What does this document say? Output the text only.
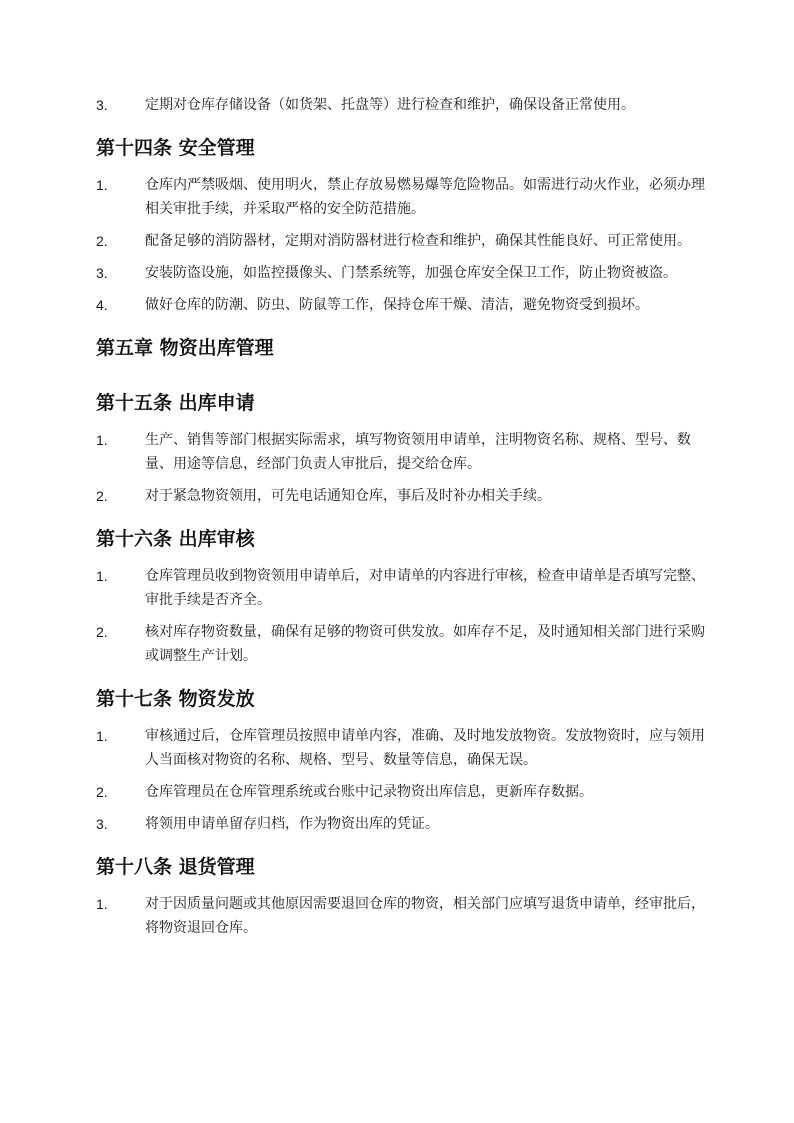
3.	定期对仓库存储设备（如货架、托盘等）进行检查和维护，确保设备正常使用。
第十四条 安全管理
1.	仓库内严禁吸烟、使用明火，禁止存放易燃易爆等危险物品。如需进行动火作业，必须办理相关审批手续，并采取严格的安全防范措施。
2.	配备足够的消防器材，定期对消防器材进行检查和维护，确保其性能良好、可正常使用。
3.	安装防盗设施，如监控摄像头、门禁系统等，加强仓库安全保卫工作，防止物资被盗。
4.	做好仓库的防潮、防虫、防鼠等工作，保持仓库干燥、清洁，避免物资受到损坏。
第五章 物资出库管理
第十五条 出库申请
1.	生产、销售等部门根据实际需求，填写物资领用申请单，注明物资名称、规格、型号、数量、用途等信息，经部门负责人审批后，提交给仓库。
2.	对于紧急物资领用，可先电话通知仓库，事后及时补办相关手续。
第十六条 出库审核
1.	仓库管理员收到物资领用申请单后，对申请单的内容进行审核，检查申请单是否填写完整、审批手续是否齐全。
2.	核对库存物资数量，确保有足够的物资可供发放。如库存不足，及时通知相关部门进行采购或调整生产计划。
第十七条 物资发放
1.	审核通过后，仓库管理员按照申请单内容，准确、及时地发放物资。发放物资时，应与领用人当面核对物资的名称、规格、型号、数量等信息，确保无误。
2.	仓库管理员在仓库管理系统或台账中记录物资出库信息，更新库存数据。
3.	将领用申请单留存归档，作为物资出库的凭证。
第十八条 退货管理
1.	对于因质量问题或其他原因需要退回仓库的物资，相关部门应填写退货申请单，经审批后，将物资退回仓库。
